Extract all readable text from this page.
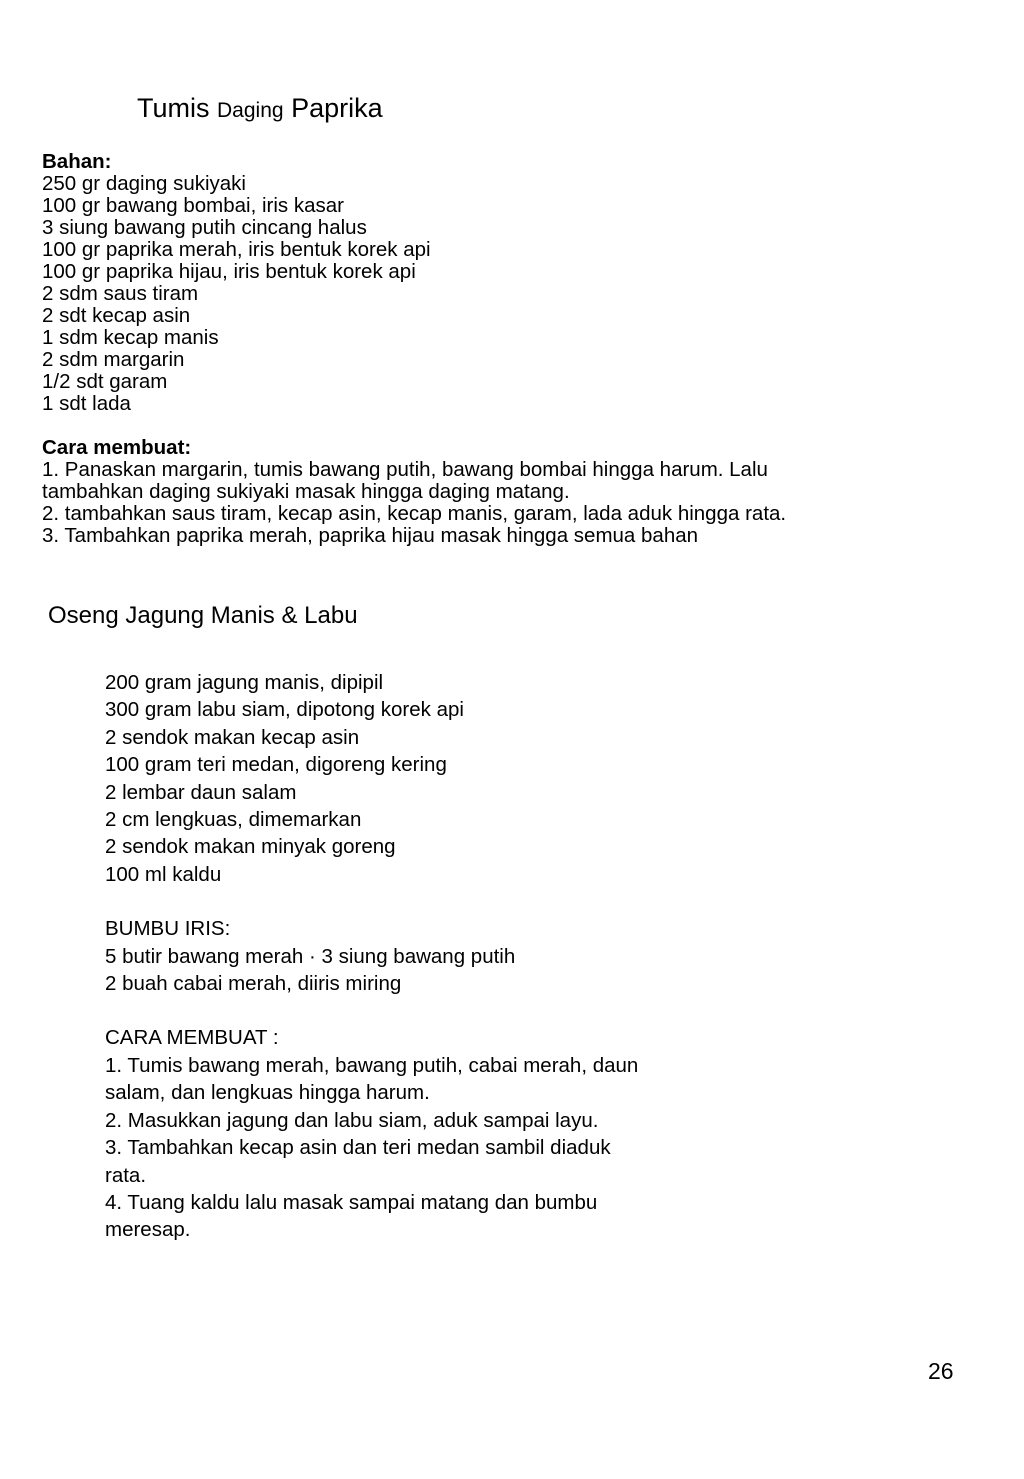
Tumis Daging Paprika
Bahan:
250 gr daging sukiyaki
100 gr bawang bombai, iris kasar
3 siung bawang putih cincang halus
100 gr paprika merah, iris bentuk korek api
100 gr paprika hijau, iris bentuk korek api
2 sdm saus tiram
2 sdt kecap asin
1 sdm kecap manis
2 sdm margarin
1/2 sdt garam
1 sdt lada
Cara membuat:
1. Panaskan margarin, tumis bawang putih, bawang bombai hingga harum. Lalu
tambahkan daging sukiyaki masak hingga daging matang.
2. tambahkan saus tiram, kecap asin, kecap manis, garam, lada aduk hingga rata.
3. Tambahkan paprika merah, paprika hijau masak hingga semua bahan
Oseng Jagung Manis & Labu
200 gram jagung manis, dipipil
300 gram labu siam, dipotong korek api
2 sendok makan kecap asin
100 gram teri medan, digoreng kering
2 lembar daun salam
2 cm lengkuas, dimemarkan
2 sendok makan minyak goreng
100 ml kaldu
BUMBU IRIS:
5 butir bawang merah · 3 siung bawang putih
2 buah cabai merah, diiris miring
CARA MEMBUAT :
1. Tumis bawang merah, bawang putih, cabai merah, daun
salam, dan lengkuas hingga harum.
2. Masukkan jagung dan labu siam, aduk sampai layu.
3. Tambahkan kecap asin dan teri medan sambil diaduk
rata.
4. Tuang kaldu lalu masak sampai matang dan bumbu
meresap.
26
